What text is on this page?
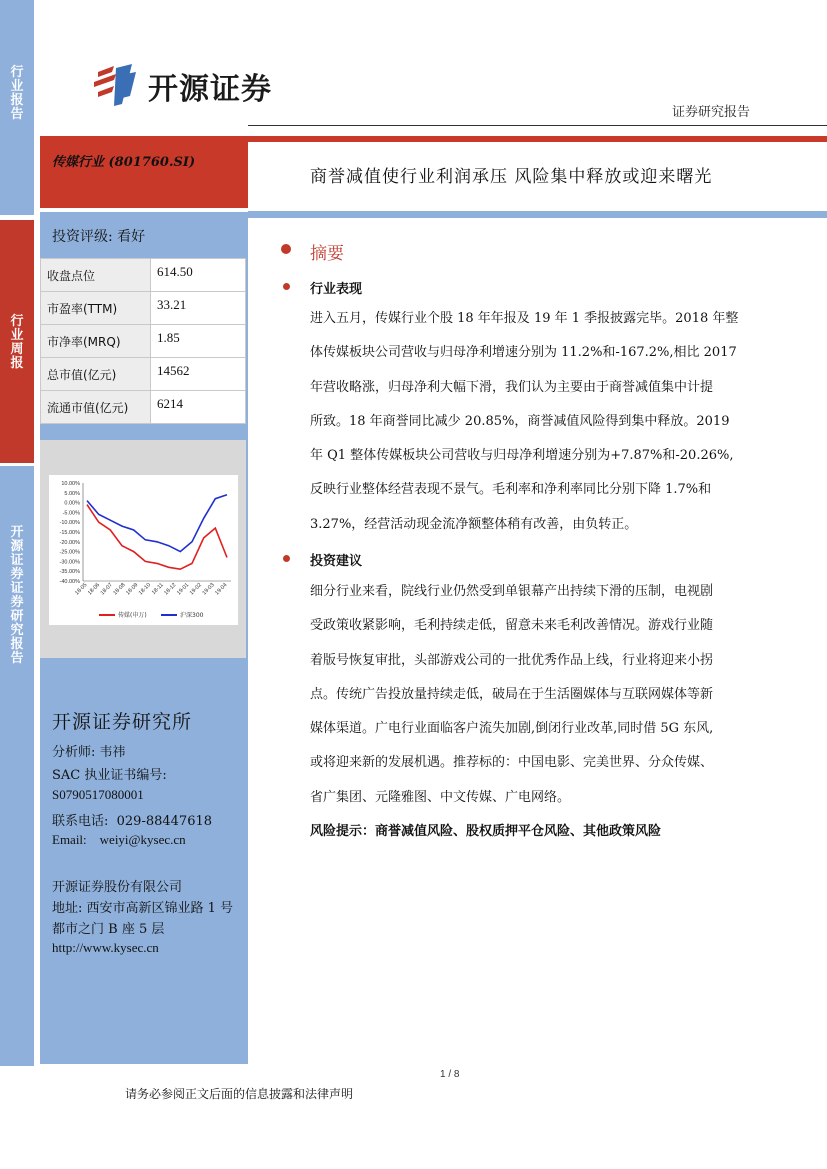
行
业
报
告
行
业
周
报
开
源
证
券
证
券
研
究
报
告
开源证券
证券研究报告
传媒行业 (801760.SI)
商誉减值使行业利润承压 风险集中释放或迎来曙光
投资评级: 看好
收盘点位	614.50
市盈率(TTM)	33.21
市净率(MRQ)	1.85
总市值(亿元)	14562
流通市值(亿元)	6214
10.00%
5.00%
0.00%
-5.00%
-10.00%
-15.00%
-20.00%
-25.00%
-30.00%
-35.00%
-40.00%
18-05
18-06
18-07
18-08
18-09
18-10
18-11
18-12
19-01
19-02
19-03
19-04
传媒(申万)	沪深300
开源证券研究所
分析师: 韦祎
SAC 执业证书编号:
S0790517080001
联系电话:  029-88447618
Email:    weiyi@kysec.cn
开源证券股份有限公司
地址: 西安市高新区锦业路 1 号
都市之门 B 座 5 层
http://www.kysec.cn
摘要
行业表现
进入五月，传媒行业个股 18 年年报及 19 年 1 季报披露完毕。2018 年整
体传媒板块公司营收与归母净利增速分别为 11.2%和-167.2%,相比 2017
年营收略涨，归母净利大幅下滑，我们认为主要由于商誉减值集中计提
所致。18 年商誉同比减少 20.85%，商誉减值风险得到集中释放。2019
年 Q1 整体传媒板块公司营收与归母净利增速分别为+7.87%和-20.26%,
反映行业整体经营表现不景气。毛利率和净利率同比分别下降 1.7%和
3.27%，经营活动现金流净额整体稍有改善，由负转正。
投资建议
细分行业来看，院线行业仍然受到单银幕产出持续下滑的压制，电视剧
受政策收紧影响，毛利持续走低，留意未来毛利改善情况。游戏行业随
着版号恢复审批，头部游戏公司的一批优秀作品上线，行业将迎来小拐
点。传统广告投放量持续走低，破局在于生活圈媒体与互联网媒体等新
媒体渠道。广电行业面临客户流失加剧,倒闭行业改革,同时借 5G 东风,
或将迎来新的发展机遇。推荐标的：中国电影、完美世界、分众传媒、
省广集团、元隆雅图、中文传媒、广电网络。
风险提示：商誉减值风险、股权质押平仓风险、其他政策风险
1 / 8
请务必参阅正文后面的信息披露和法律声明
